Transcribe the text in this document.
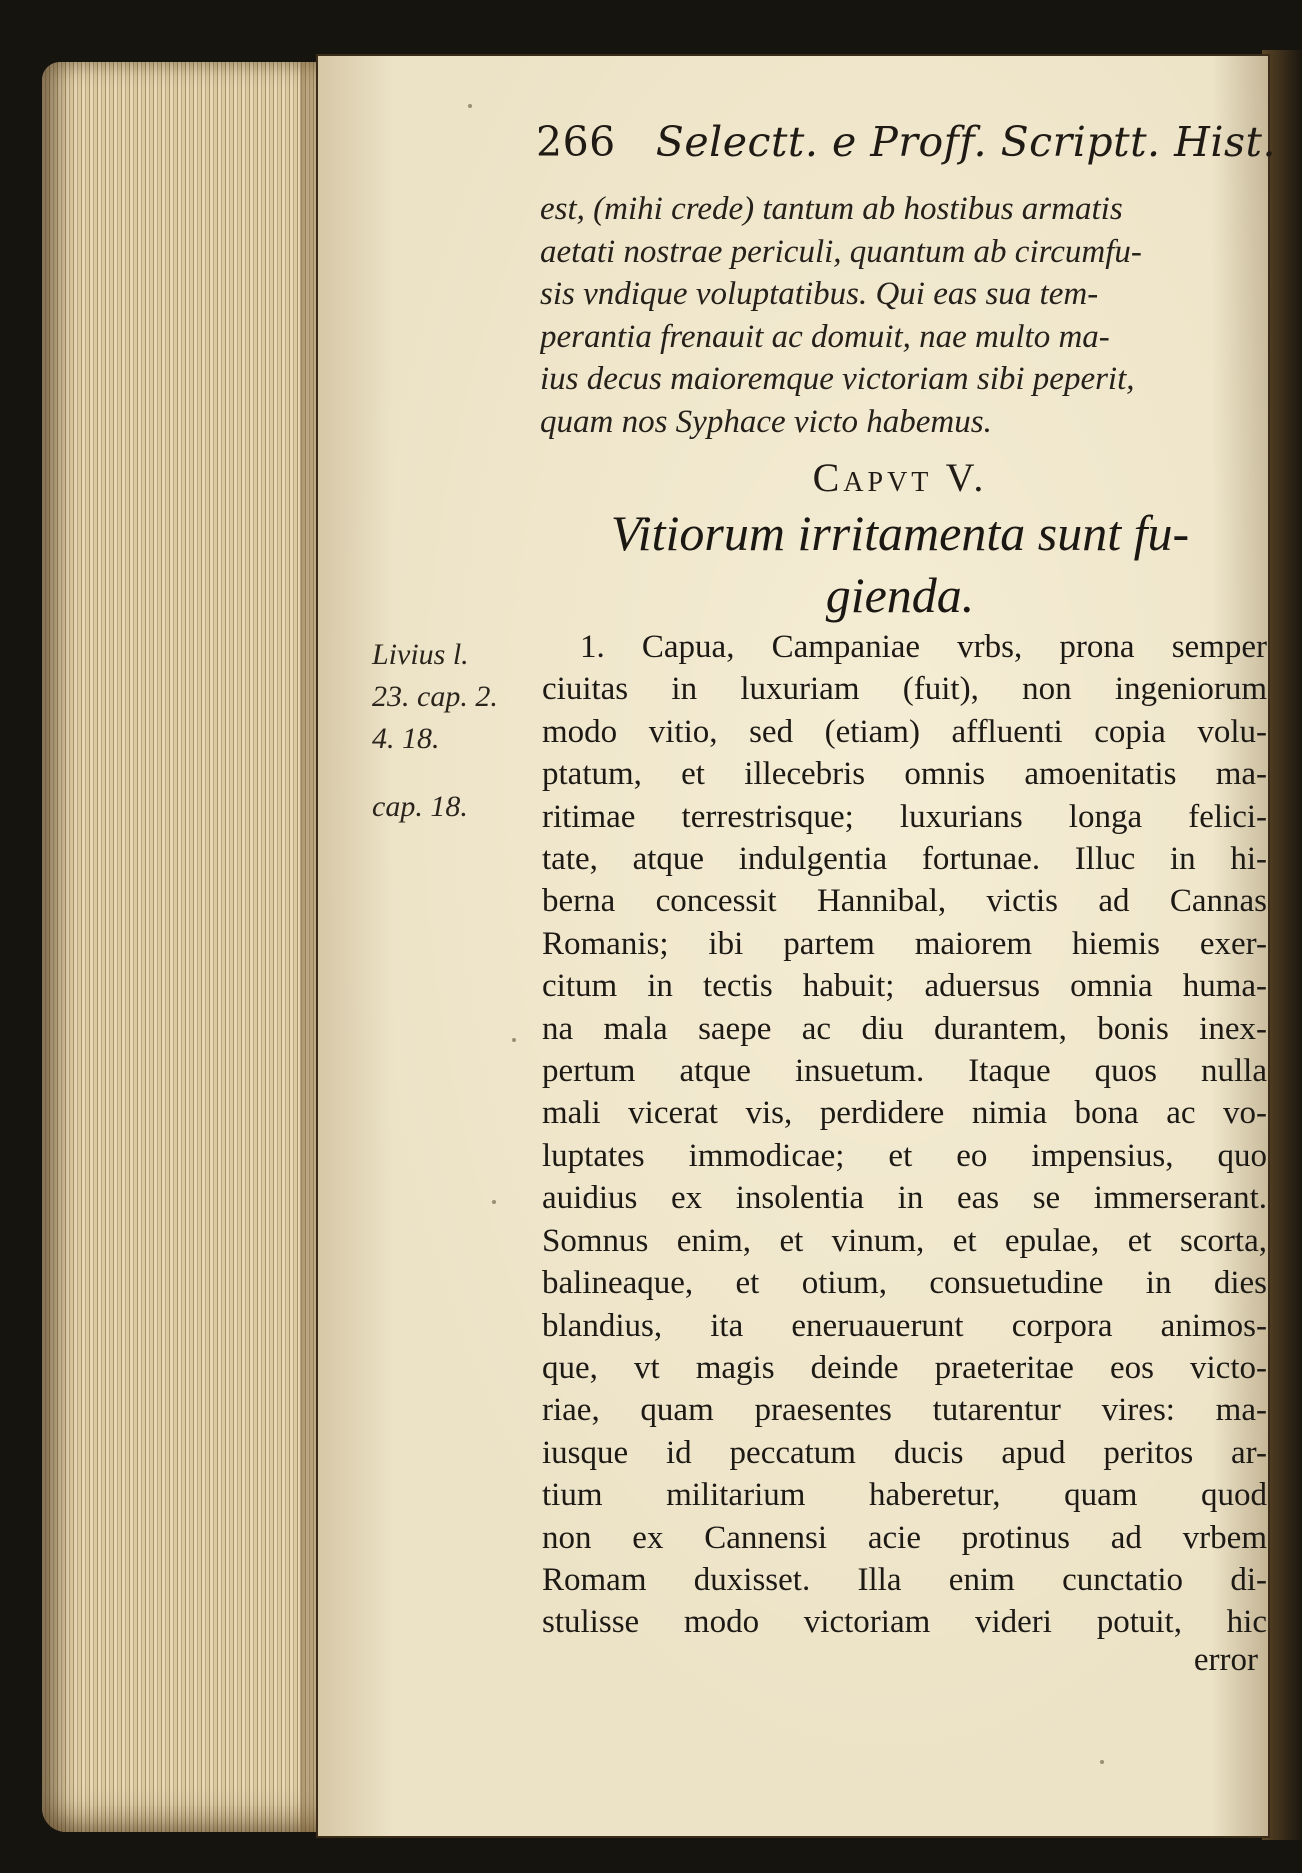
266 Selectt. e Proff. Scriptt. Hist.
est, (mihi crede) tantum ab hostibus armatis
aetati nostrae periculi, quantum ab circumfu-
sis vndique voluptatibus. Qui eas sua tem-
perantia frenauit ac domuit, nae multo ma-
ius decus maioremque victoriam sibi peperit,
quam nos Syphace victo habemus.
Capvt V.
Vitiorum irritamenta sunt fu-
gienda.
Livius l.
23. cap. 2.
4. 18.
cap. 18.
1. Capua, Campaniae vrbs, prona semper
ciuitas in luxuriam (fuit), non ingeniorum
modo vitio, sed (etiam) affluenti copia volu-
ptatum, et illecebris omnis amoenitatis ma-
ritimae terrestrisque; luxurians longa felici-
tate, atque indulgentia fortunae. Illuc in hi-
berna concessit Hannibal, victis ad Cannas
Romanis; ibi partem maiorem hiemis exer-
citum in tectis habuit; aduersus omnia huma-
na mala saepe ac diu durantem, bonis inex-
pertum atque insuetum. Itaque quos nulla
mali vicerat vis, perdidere nimia bona ac vo-
luptates immodicae; et eo impensius, quo
auidius ex insolentia in eas se immerserant.
Somnus enim, et vinum, et epulae, et scorta,
balineaque, et otium, consuetudine in dies
blandius, ita eneruauerunt corpora animos-
que, vt magis deinde praeteritae eos victo-
riae, quam praesentes tutarentur vires: ma-
iusque id peccatum ducis apud peritos ar-
tium militarium haberetur, quam quod
non ex Cannensi acie protinus ad vrbem
Romam duxisset. Illa enim cunctatio di-
stulisse modo victoriam videri potuit, hic
error
